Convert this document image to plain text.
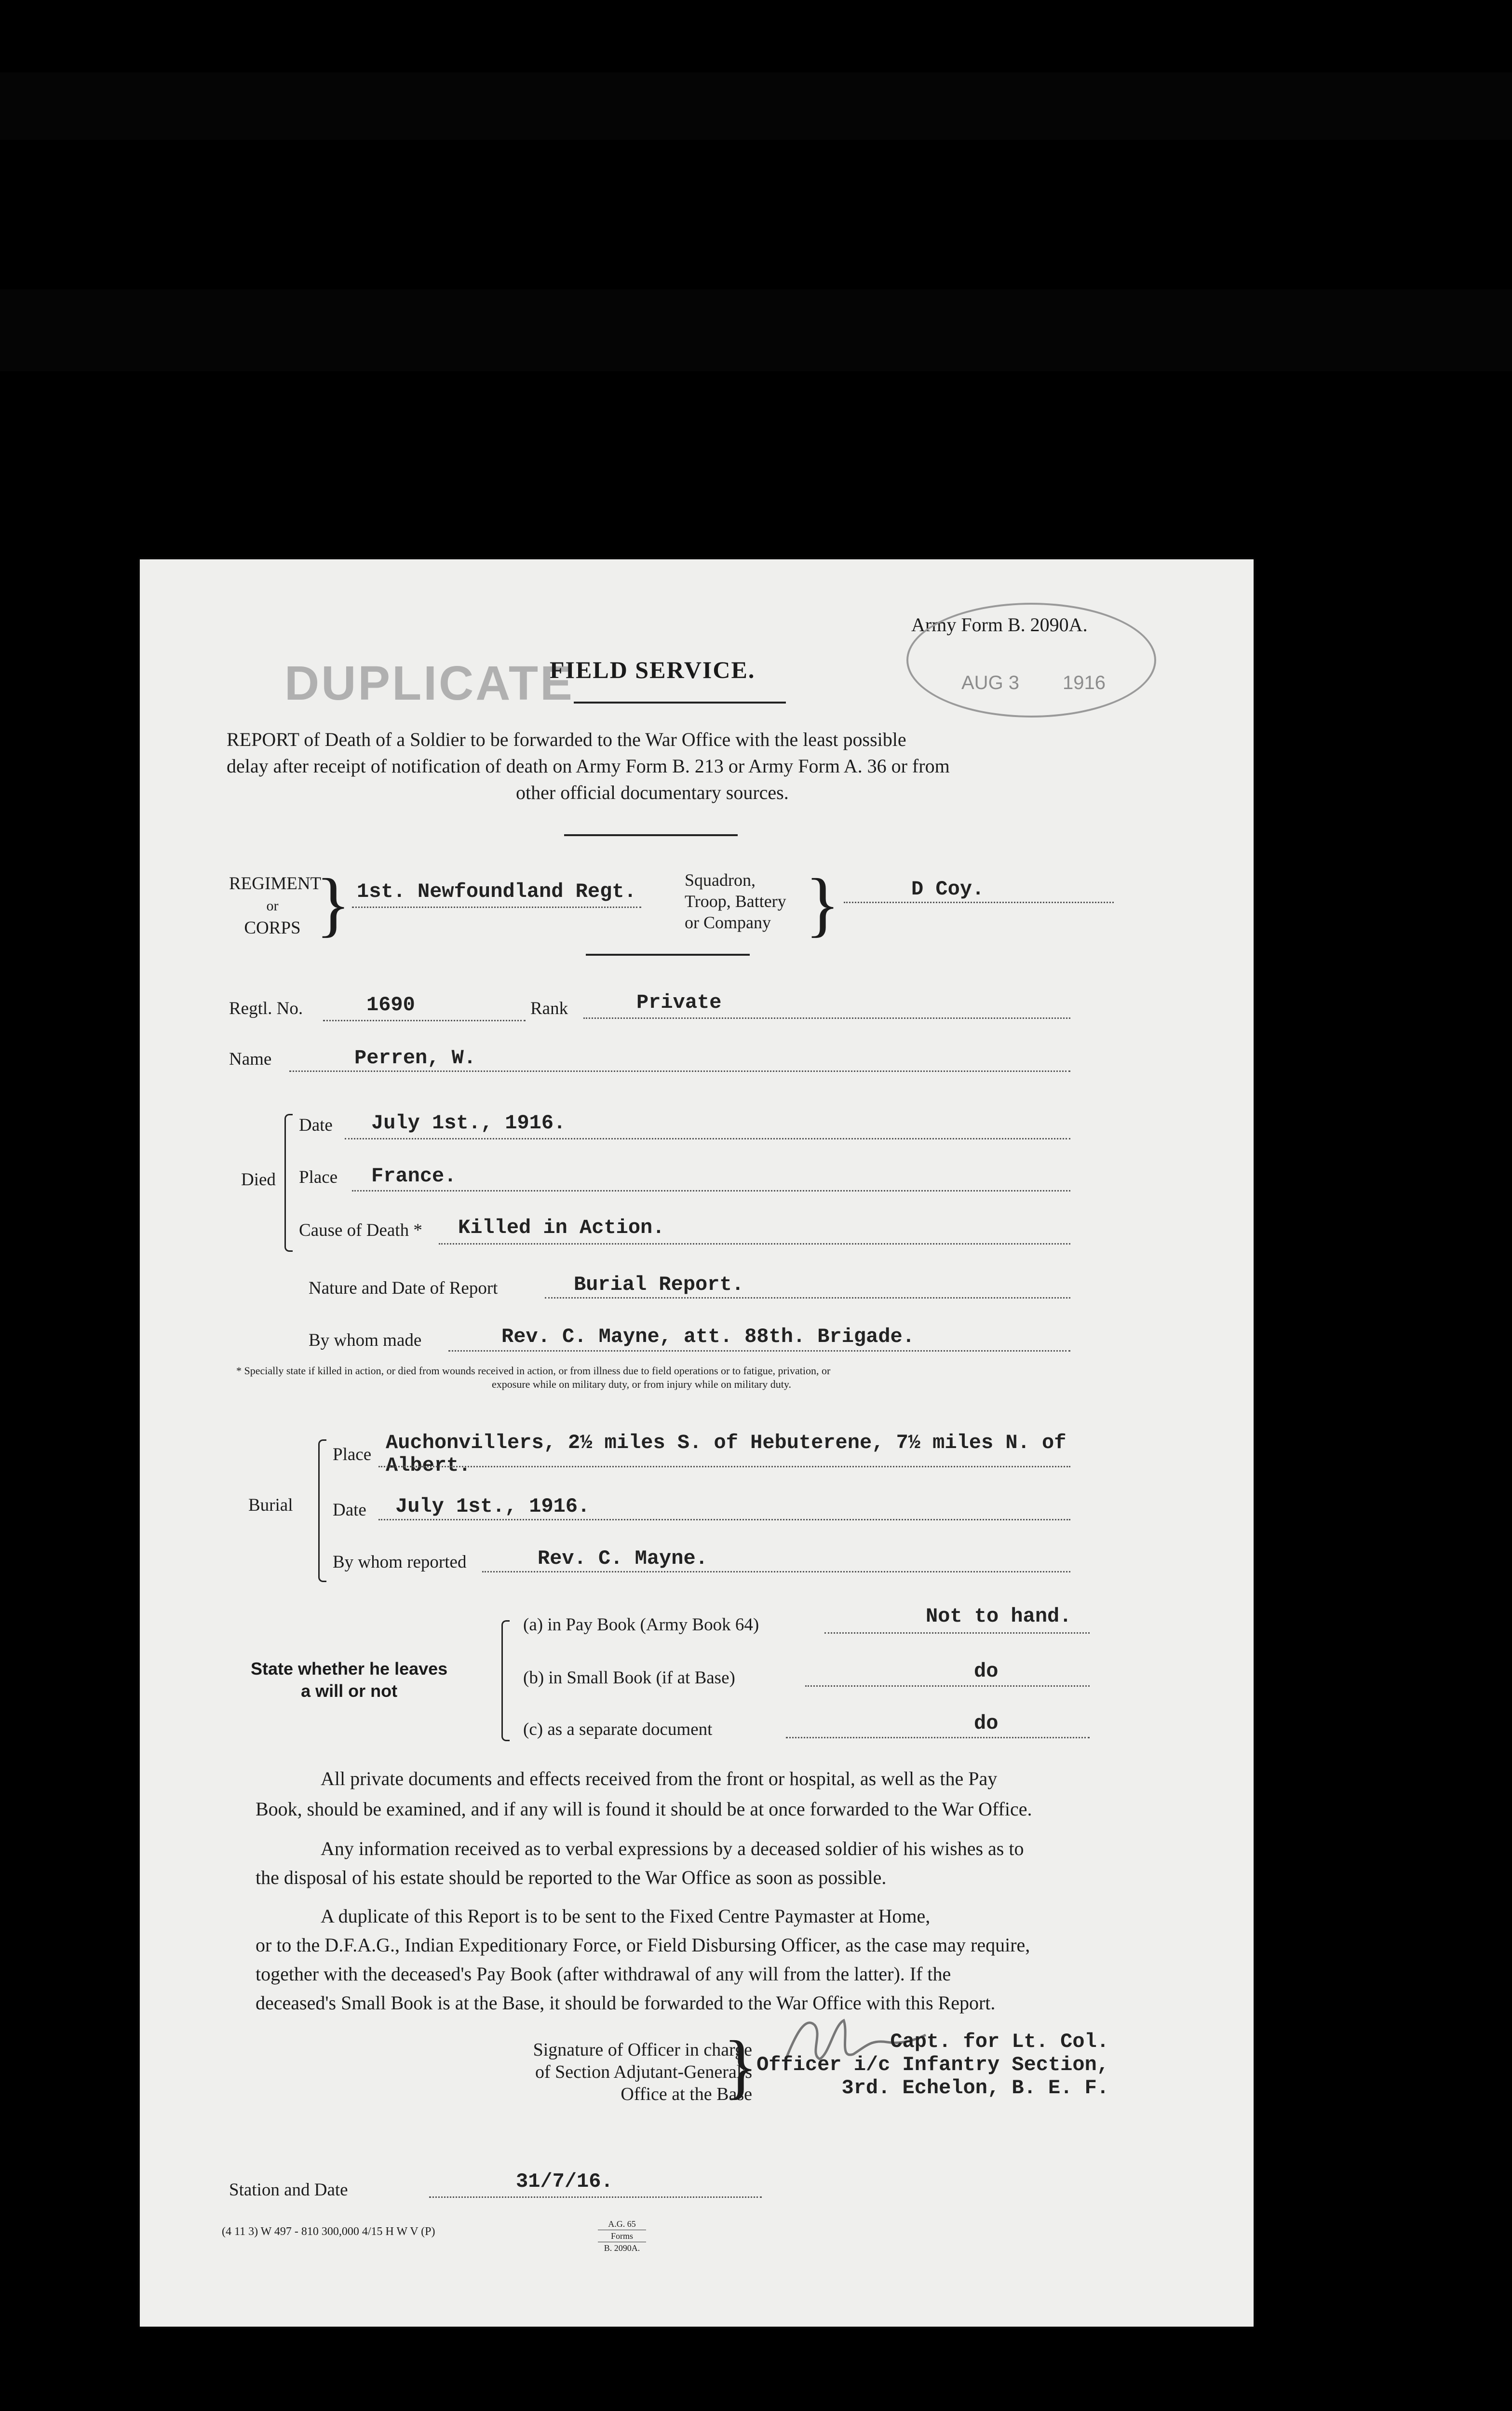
Army Form B. 2090A.
AUG 3 1916
DUPLICATE
FIELD SERVICE.
REPORT of Death of a Soldier to be forwarded to the War Office with the least possible
delay after receipt of notification of death on Army Form B. 213 or Army Form A. 36 or from
other official documentary sources.
REGIMENT
or
CORPS } 1st. Newfoundland Regt.	Squadron,
Troop, Battery
or Company }	D Coy.
Regtl. No.	1690	Rank	Private
Name	Perren, W.
Died
Date July 1st., 1916.
Place France.
Cause of Death * Killed in Action.
Nature and Date of Report	Burial Report.
By whom made	Rev. C. Mayne, att. 88th. Brigade.
* Specially state if killed in action, or died from wounds received in action, or from illness due to field operations or to fatigue, privation, or
exposure while on military duty, or from injury while on military duty.
Burial
Place
Auchonvillers, 2½ miles S. of Hebuterene, 7½ miles N. of
Albert.
Date July 1st., 1916.
By whom reported	Rev. C. Mayne.
State whether he leaves
a will or not
(a) in Pay Book (Army Book 64)	Not to hand.
(b) in Small Book (if at Base)	do
(c) as a separate document	do
All private documents and effects received from the front or hospital, as well as the Pay
Book, should be examined, and if any will is found it should be at once forwarded to the War Office.
Any information received as to verbal expressions by a deceased soldier of his wishes as to
the disposal of his estate should be reported to the War Office as soon as possible.
A duplicate of this Report is to be sent to the Fixed Centre Paymaster at Home,
or to the D.F.A.G., Indian Expeditionary Force, or Field Disbursing Officer, as the case may require,
together with the deceased's Pay Book (after withdrawal of any will from the latter). If the
deceased's Small Book is at the Base, it should be forwarded to the War Office with this Report.
Signature of Officer in charge
of Section Adjutant-General's
Office at the Base
}	Capt. for Lt. Col.
Officer i/c Infantry Section,
3rd. Echelon, B. E. F.
Station and Date	31/7/16.
(4 11 3) W 497 - 810 300,000 4/15 H W V (P)
A.G. 65
Forms
B. 2090A.
